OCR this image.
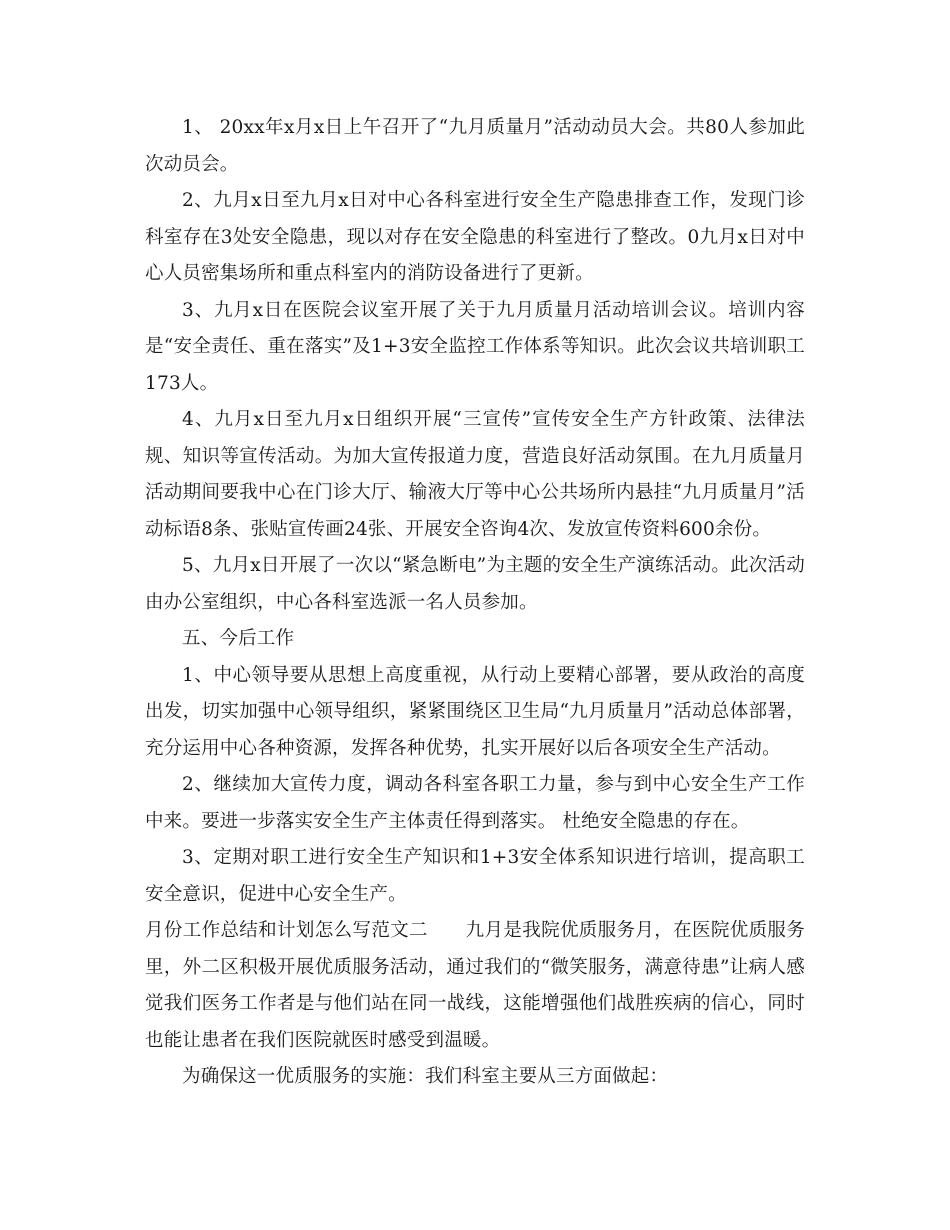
1、 20xx年x月x日上午召开了“九月质量月”活动动员大会。共80人参加此次动员会。

2、九月x日至九月x日对中心各科室进行安全生产隐患排查工作，发现门诊科室存在3处安全隐患，现以对存在安全隐患的科室进行了整改。0九月x日对中心人员密集场所和重点科室内的消防设备进行了更新。

3、九月x日在医院会议室开展了关于九月质量月活动培训会议。培训内容是“安全责任、重在落实”及1+3安全监控工作体系等知识。此次会议共培训职工173人。

4、九月x日至九月x日组织开展“三宣传”宣传安全生产方针政策、法律法规、知识等宣传活动。为加大宣传报道力度，营造良好活动氛围。在九月质量月活动期间要我中心在门诊大厅、输液大厅等中心公共场所内悬挂“九月质量月”活动标语8条、张贴宣传画24张、开展安全咨询4次、发放宣传资料600余份。

5、九月x日开展了一次以“紧急断电”为主题的安全生产演练活动。此次活动由办公室组织，中心各科室选派一名人员参加。

五、今后工作

1、中心领导要从思想上高度重视，从行动上要精心部署，要从政治的高度出发，切实加强中心领导组织，紧紧围绕区卫生局“九月质量月”活动总体部署，充分运用中心各种资源，发挥各种优势，扎实开展好以后各项安全生产活动。

2、继续加大宣传力度，调动各科室各职工力量，参与到中心安全生产工作中来。要进一步落实安全生产主体责任得到落实。 杜绝安全隐患的存在。

3、定期对职工进行安全生产知识和1+3安全体系知识进行培训，提高职工安全意识，促进中心安全生产。

月份工作总结和计划怎么写范文二　　九月是我院优质服务月，在医院优质服务里，外二区积极开展优质服务活动，通过我们的“微笑服务，满意待患”让病人感觉我们医务工作者是与他们站在同一战线，这能增强他们战胜疾病的信心，同时也能让患者在我们医院就医时感受到温暖。

为确保这一优质服务的实施：我们科室主要从三方面做起：
